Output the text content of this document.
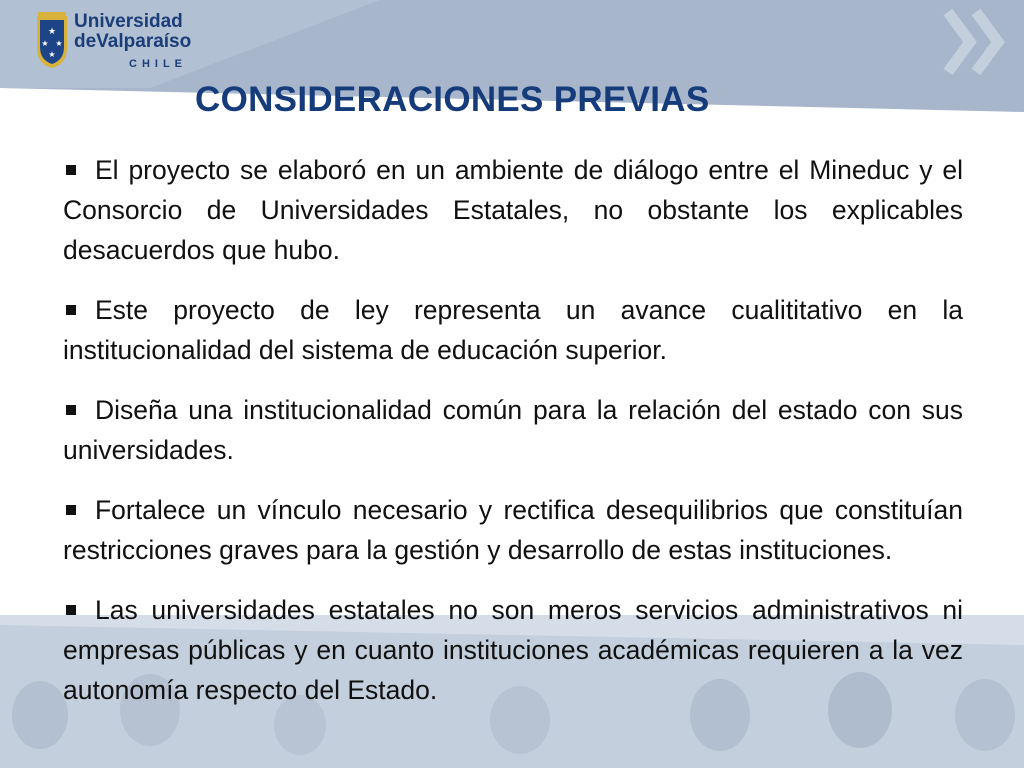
★
★ ★
★
Universidad
deValparaíso
CHILE
CONSIDERACIONES PREVIAS
El proyecto se elaboró en un ambiente de diálogo entre el Mineduc y el Consorcio de Universidades Estatales, no obstante los explicables desacuerdos que hubo.
Este proyecto de ley representa un avance cualititativo en la institucionalidad del sistema de educación superior.
Diseña una institucionalidad común para la relación del estado con sus universidades.
Fortalece un vínculo necesario y rectifica desequilibrios que constituían restricciones graves para la gestión y desarrollo de estas instituciones.
Las universidades estatales no son meros servicios administrativos ni empresas públicas y en cuanto instituciones académicas requieren a la vez autonomía respecto del Estado.
